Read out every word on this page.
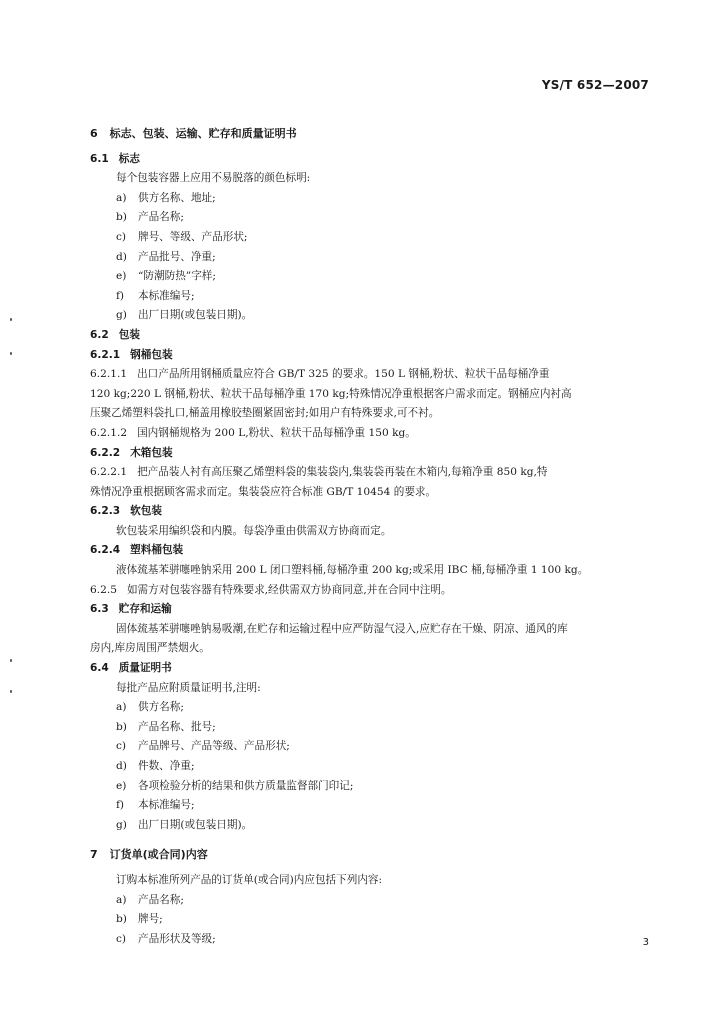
YS/T 652—2007
6 标志、包装、运输、贮存和质量证明书
6.1 标志
每个包装容器上应用不易脱落的颜色标明:
a) 供方名称、地址;
b) 产品名称;
c) 牌号、等级、产品形状;
d) 产品批号、净重;
e) “防潮防热”字样;
f) 本标准编号;
g) 出厂日期(或包装日期)。
6.2 包装
6.2.1 钢桶包装
6.2.1.1 出口产品所用钢桶质量应符合 GB/T 325 的要求。150 L 钢桶,粉状、粒状干品每桶净重
120 kg;220 L 钢桶,粉状、粒状干品每桶净重 170 kg;特殊情况净重根据客户需求而定。钢桶应内衬高
压聚乙烯塑料袋扎口,桶盖用橡胶垫圈紧固密封;如用户有特殊要求,可不衬。
6.2.1.2 国内钢桶规格为 200 L,粉状、粒状干品每桶净重 150 kg。
6.2.2 木箱包装
6.2.2.1 把产品装人衬有高压聚乙烯塑料袋的集装袋内,集装袋再装在木箱内,每箱净重 850 kg,特
殊情况净重根据顾客需求而定。集装袋应符合标准 GB/T 10454 的要求。
6.2.3 软包装
软包装采用编织袋和内膜。每袋净重由供需双方协商而定。
6.2.4 塑料桶包装
液体巯基苯骈噻唑钠采用 200 L 闭口塑料桶,每桶净重 200 kg;或采用 IBC 桶,每桶净重 1 100 kg。
6.2.5 如需方对包装容器有特殊要求,经供需双方协商同意,并在合同中注明。
6.3 贮存和运输
固体巯基苯骈噻唑钠易吸潮,在贮存和运输过程中应严防湿气浸入,应贮存在干燥、阴凉、通风的库
房内,库房周围严禁烟火。
6.4 质量证明书
每批产品应附质量证明书,注明:
a) 供方名称;
b) 产品名称、批号;
c) 产品牌号、产品等级、产品形状;
d) 件数、净重;
e) 各项检验分析的结果和供方质量监督部门印记;
f) 本标准编号;
g) 出厂日期(或包装日期)。
7 订货单(或合同)内容
订购本标准所列产品的订货单(或合同)内应包括下列内容:
a) 产品名称;
b) 牌号;
c) 产品形状及等级;	3
